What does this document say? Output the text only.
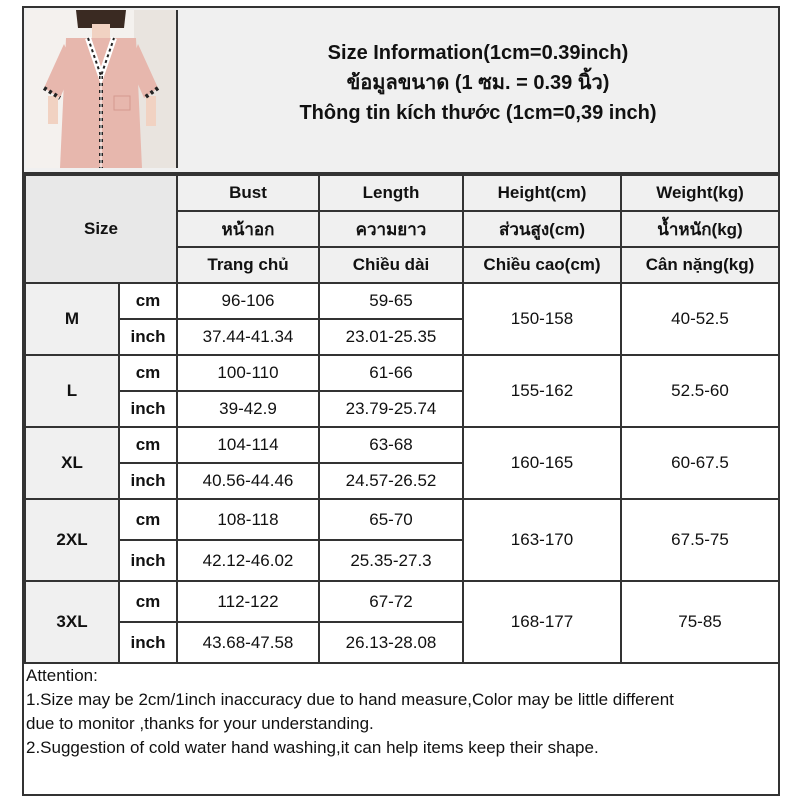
Size Information(1cm=0.39inch)
ข้อมูลขนาด (1 ซม. = 0.39 นิ้ว)
Thông tin kích thước (1cm=0,39 inch)
Size		Bust	Length	Height(cm)	Weight(kg)
		หน้าอก	ความยาว	ส่วนสูง(cm)	น้ำหนัก(kg)
		Trang chủ	Chiều dài	Chiều cao(cm)	Cân nặng(kg)
M	cm	96-106	59-65	150-158	40-52.5
	inch	37.44-41.34	23.01-25.35		
L	cm	100-110	61-66	155-162	52.5-60
	inch	39-42.9	23.79-25.74		
XL	cm	104-114	63-68	160-165	60-67.5
	inch	40.56-44.46	24.57-26.52		
2XL	cm	108-118	65-70	163-170	67.5-75
	inch	42.12-46.02	25.35-27.3		
3XL	cm	112-122	67-72	168-177	75-85
	inch	43.68-47.58	26.13-28.08		
Attention:
1.Size may be 2cm/1inch inaccuracy due to hand measure,Color may be little different
due to monitor ,thanks for your understanding.
2.Suggestion of cold water hand washing,it can help items keep their shape.
